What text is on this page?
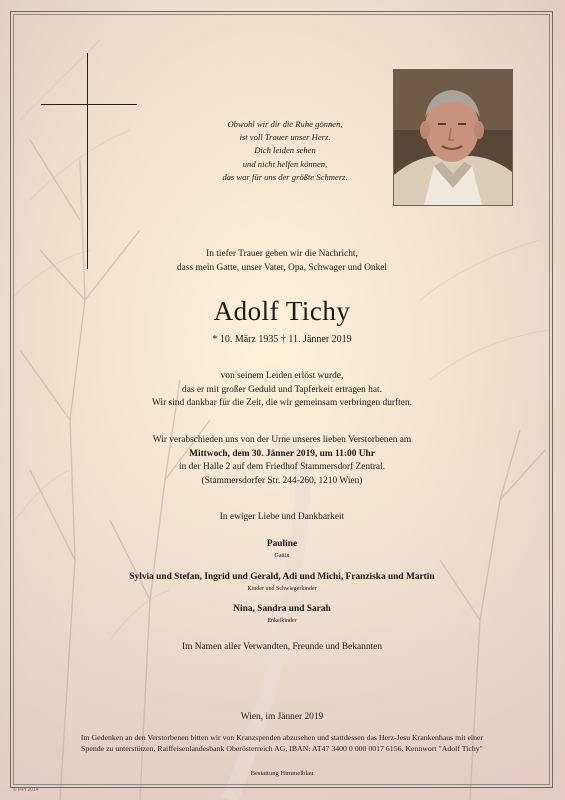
Obwohl wir dir die Ruhe gönnen,
ist voll Trauer unser Herz.
Dich leiden sehen
und nicht helfen können,
das war für uns der größte Schmerz.
In tiefer Trauer geben wir die Nachricht,
dass mein Gatte, unser Vater, Opa, Schwager und Onkel
Adolf Tichy
* 10. März 1935 † 11. Jänner 2019
von seinem Leiden erlöst wurde,
das er mit großer Geduld und Tapferkeit ertragen hat.
Wir sind dankbar für die Zeit, die wir gemeinsam verbringen durften.
Wir verabschieden uns von der Urne unseres lieben Verstorbenen am
Mittwoch, dem 30. Jänner 2019, um 11:00 Uhr
in der Halle 2 auf dem Friedhof Stammersdorf Zentral.
(Stammersdorfer Str. 244-260, 1210 Wien)
In ewiger Liebe und Dankbarkeit
Pauline
Gattin
Sylvia und Stefan, Ingrid und Gerald, Adi und Michi, Franziska und Martin
Kinder und Schwiegerkinder
Nina, Sandra und Sarah
Enkelkinder
Im Namen aller Verwandten, Freunde und Bekannten
Wien, im Jänner 2019
Im Gedenken an den Verstorbenen bitten wir von Kranzspenden abzusehen und stattdessen das Herz-Jesu Krankenhaus mit einer
Spende zu unterstützen, Raiffeisenlandesbank Oberösterreich AG, IBAN: AT47 3400 0 000 0017 6156, Kennwort "Adolf Tichy"
Bestattung Himmelblau
© PPI 2014
